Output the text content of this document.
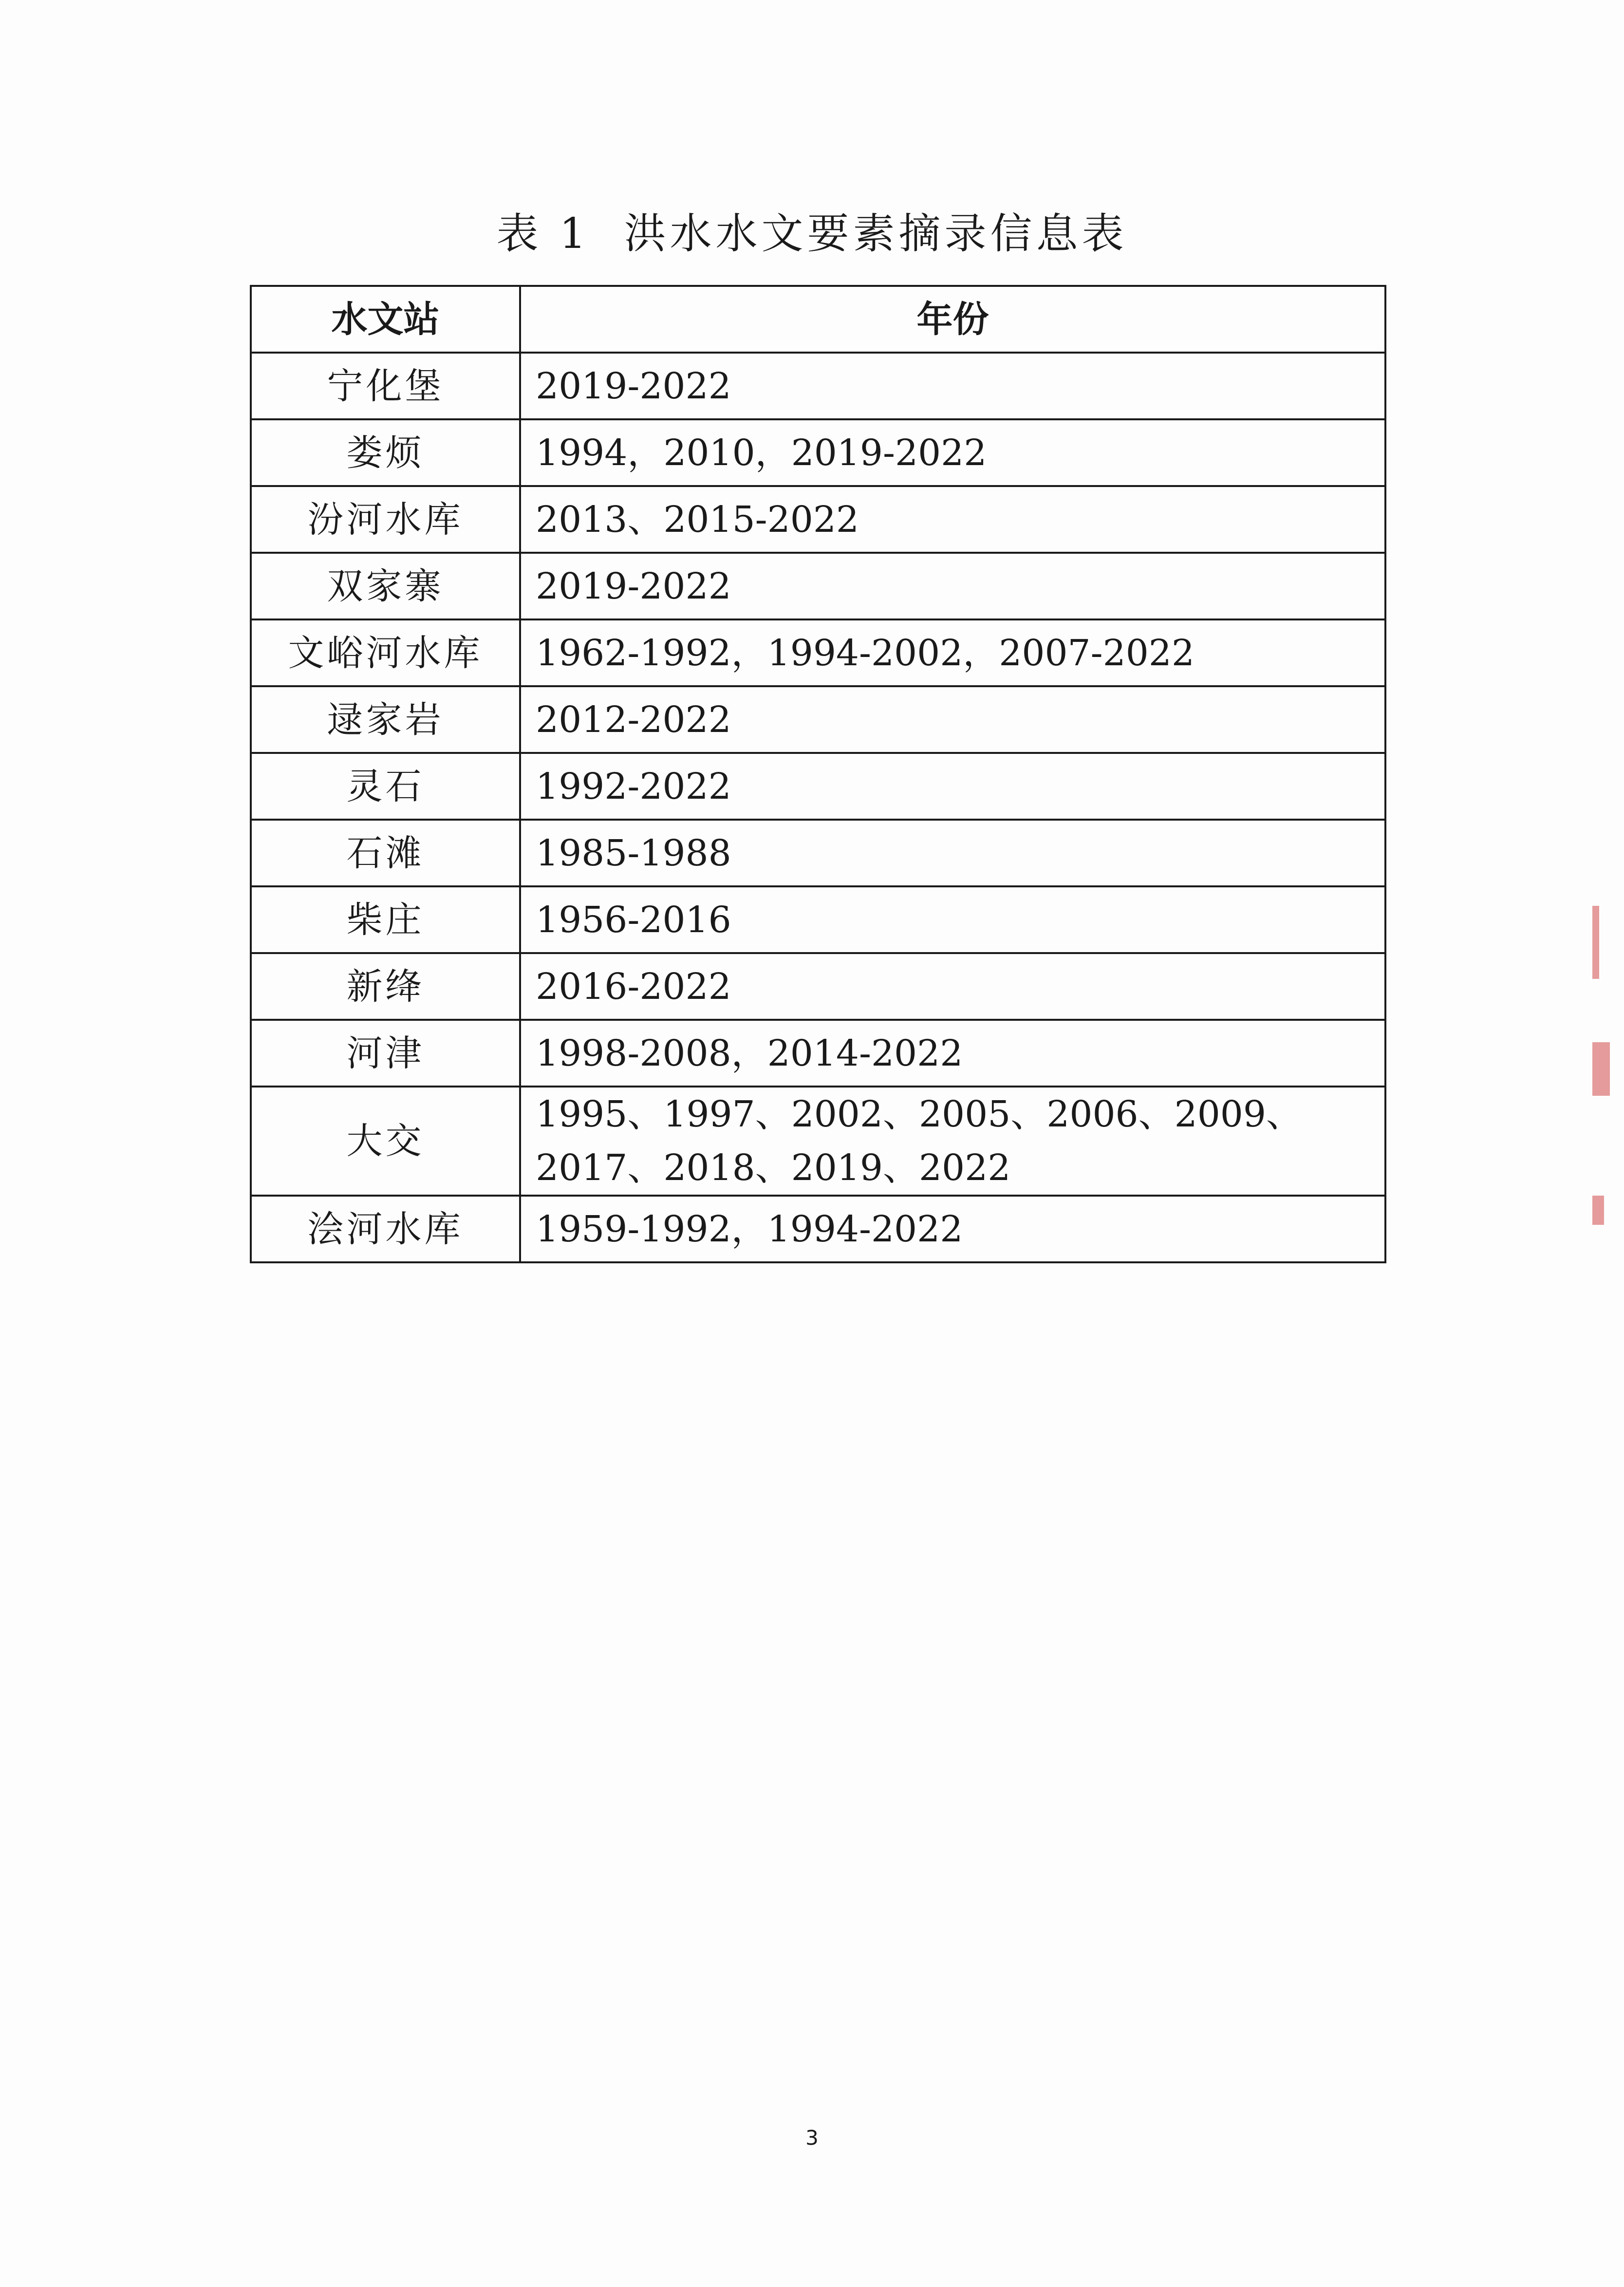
表 1 洪水水文要素摘录信息表
水文站	年份
宁化堡	2019-2022
娄烦	1994，2010，2019-2022
汾河水库	2013、2015-2022
双家寨	2019-2022
文峪河水库	1962-1992，1994-2002，2007-2022
逯家岩	2012-2022
灵石	1992-2022
石滩	1985-1988
柴庄	1956-2016
新绛	2016-2022
河津	1998-2008，2014-2022
大交	1995、1997、2002、2005、2006、2009、2017、2018、2019、2022
浍河水库	1959-1992，1994-2022
3
